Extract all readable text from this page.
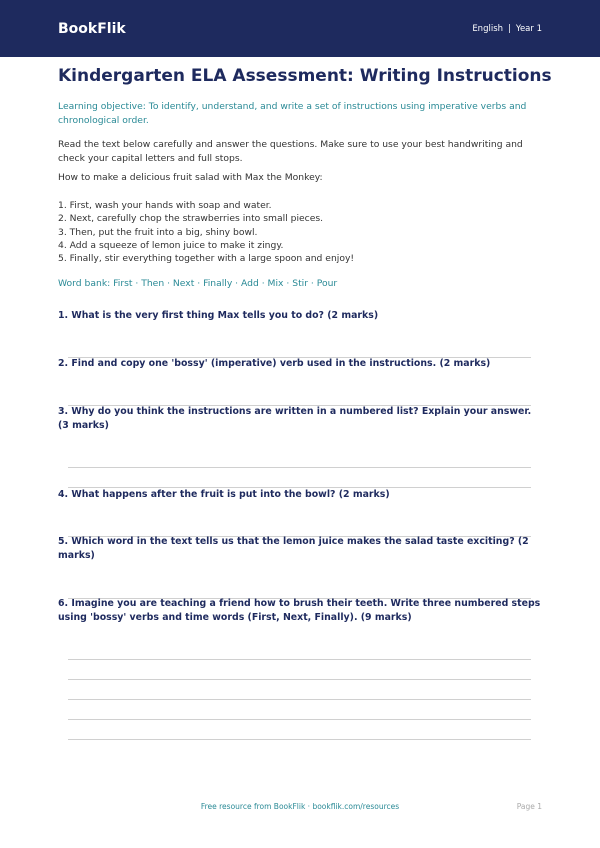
BookFlik	English | Year 1
Kindergarten ELA Assessment: Writing Instructions
Learning objective: To identify, understand, and write a set of instructions using imperative verbs and chronological order.
Read the text below carefully and answer the questions. Make sure to use your best handwriting and check your capital letters and full stops.
How to make a delicious fruit salad with Max the Monkey:
1. First, wash your hands with soap and water.
2. Next, carefully chop the strawberries into small pieces.
3. Then, put the fruit into a big, shiny bowl.
4. Add a squeeze of lemon juice to make it zingy.
5. Finally, stir everything together with a large spoon and enjoy!
Word bank: First · Then · Next · Finally · Add · Mix · Stir · Pour

1. What is the very first thing Max tells you to do? (2 marks)

2. Find and copy one 'bossy' (imperative) verb used in the instructions. (2 marks)

3. Why do you think the instructions are written in a numbered list? Explain your answer. (3 marks)

4. What happens after the fruit is put into the bowl? (2 marks)

5. Which word in the text tells us that the lemon juice makes the salad taste exciting? (2 marks)

6. Imagine you are teaching a friend how to brush their teeth. Write three numbered steps using 'bossy' verbs and time words (First, Next, Finally). (9 marks)

Free resource from BookFlik · bookflik.com/resources	Page 1
